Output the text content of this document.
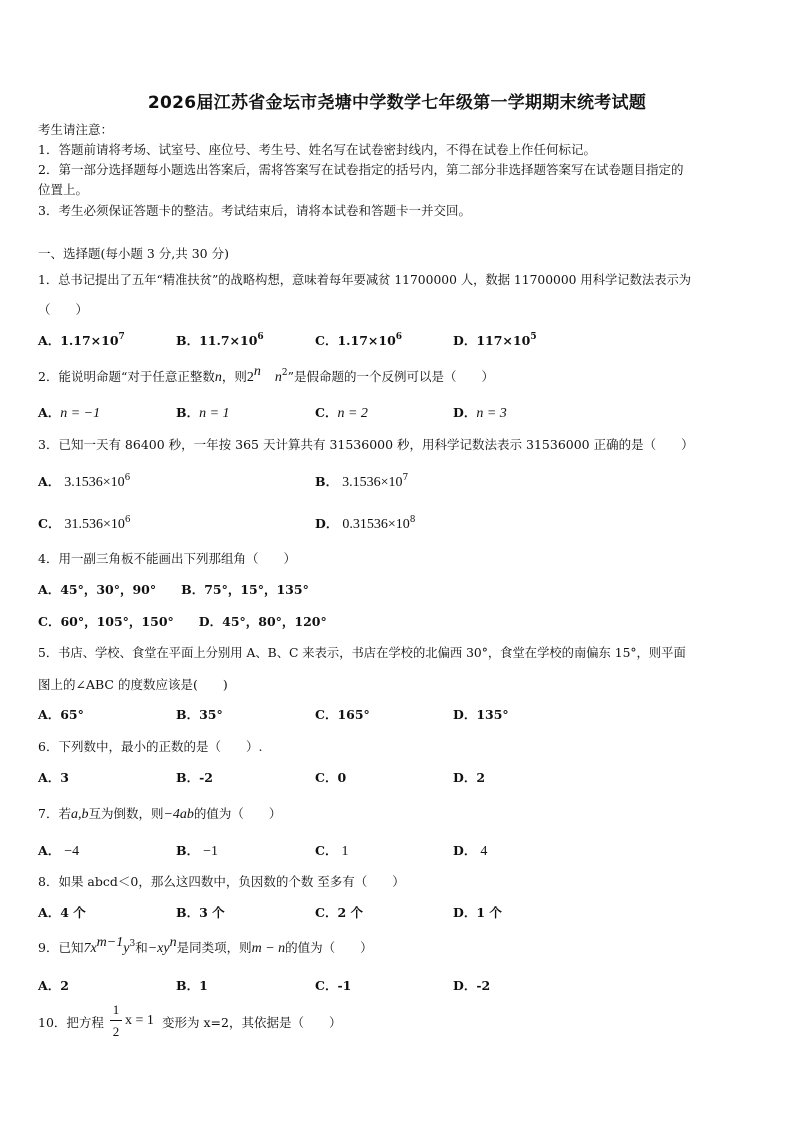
2026届江苏省金坛市尧塘中学数学七年级第一学期期末统考试题
考生请注意：
1．答题前请将考场、试室号、座位号、考生号、姓名写在试卷密封线内，不得在试卷上作任何标记。
2．第一部分选择题每小题选出答案后，需将答案写在试卷指定的括号内，第二部分非选择题答案写在试卷题目指定的
位置上。
3．考生必须保证答题卡的整洁。考试结束后，请将本试卷和答题卡一并交回。
一、选择题(每小题 3 分,共 30 分)
1．总书记提出了五年“精准扶贫”的战略构想，意味着每年要减贫 11700000 人，数据 11700000 用科学记数法表示为
（　　）
A．$1.17\times 10^7$	B．$11.7\times 10^6$	C．$1.17\times 10^6$	D．$117\times 10^5$
2．能说明命题“对于任意正整数n，则2$^n$ $n^2$”是假命题的一个反例可以是（　　）
A．n = −1	B．n = 1	C．n = 2	D．n = 3
3．已知一天有 86400 秒，一年按 365 天计算共有 31536000 秒，用科学记数法表示 31536000 正确的是（　　）
A． $3.1536\times 10^6$	B． $3.1536\times 10^7$
C． $31.536\times 10^6$	D． $0.31536\times 10^8$
4．用一副三角板不能画出下列那组角（　　）
A．45°，30°，90°　　B．75°，15°，135°
C．60°，105°，150°　　D．45°，80°，120°
5．书店、学校、食堂在平面上分别用 A、B、C 来表示，书店在学校的北偏西 30°，食堂在学校的南偏东 15°，则平面
图上的∠ABC 的度数应该是(　　)
A．65°	B．35°	C．165°	D．135°
6．下列数中，最小的正数的是（　　）.
A．3	B．-2	C．0	D．2
7．若a,b互为倒数，则−4ab的值为（　　）
A． −4	B． −1	C． 1	D． 4
8．如果 abcd＜0，那么这四数中，负因数的个数 至多有（　　）
A．4 个	B．3 个	C．2 个	D．1 个
9．已知$7x^{m-1}y^3$和$-xy^n$是同类项，则m − n的值为（　　）
A．2	B．1	C．-1	D．-2
10．把方程
1
2
x = 1 变形为 x=2，其依据是（　　）
